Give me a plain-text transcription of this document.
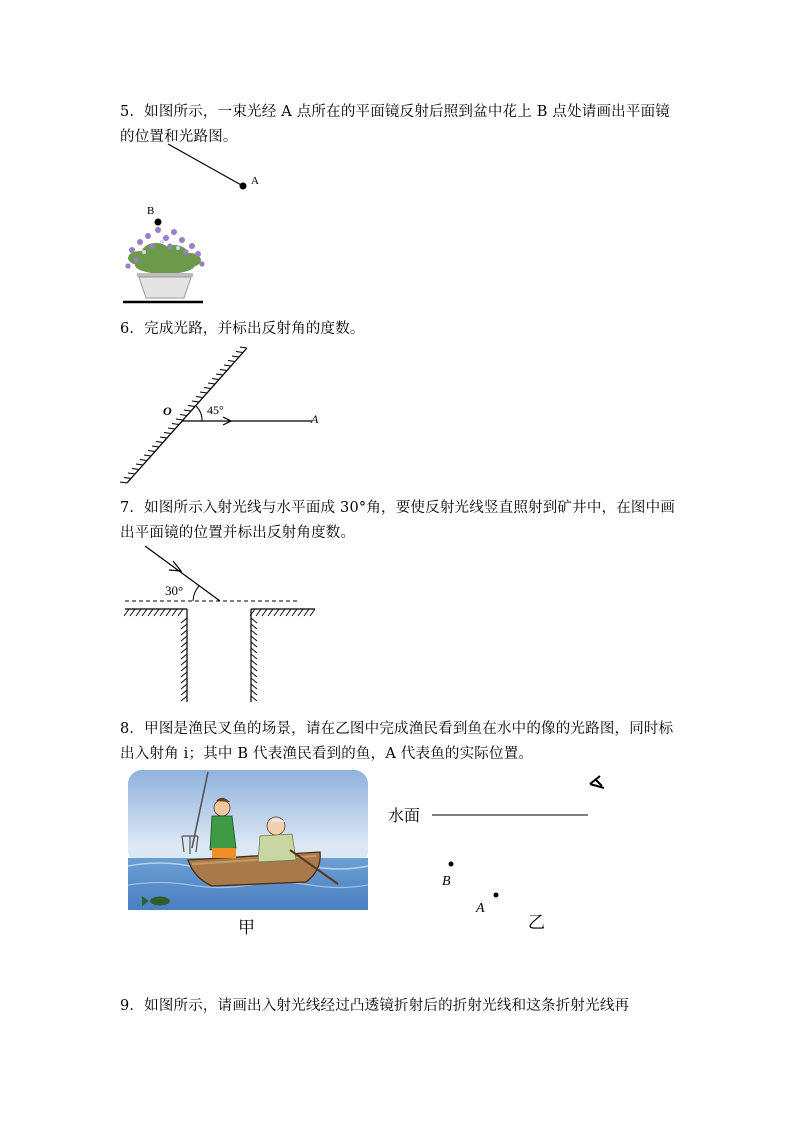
5．如图所示，一束光经 A 点所在的平面镜反射后照到盆中花上 B 点处请画出平面镜的位置和光路图。

A
B

6．完成光路，并标出反射角的度数。

O	45°
A

7．如图所示入射光线与水平面成 30°角，要使反射光线竖直照射到矿井中，在图中画出平面镜的位置并标出反射角度数。

30°

8．甲图是渔民叉鱼的场景，请在乙图中完成渔民看到鱼在水中的像的光路图，同时标出入射角 i；其中 B 代表渔民看到的鱼，A 代表鱼的实际位置。

甲
水面
B
A
乙

9．如图所示，请画出入射光线经过凸透镜折射后的折射光线和这条折射光线再
